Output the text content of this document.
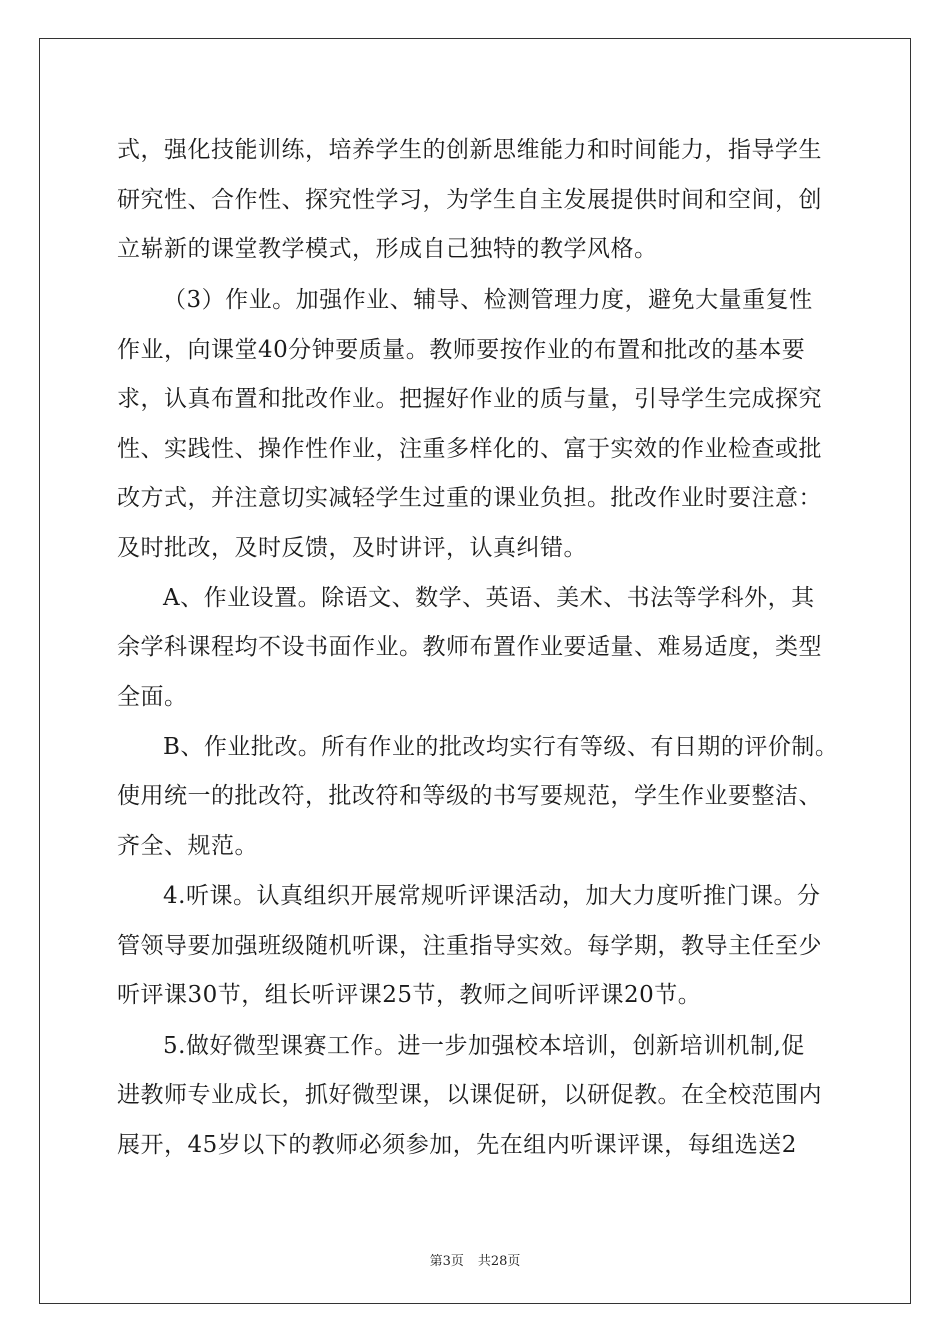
式，强化技能训练，培养学生的创新思维能力和时间能力，指导学生

研究性、合作性、探究性学习，为学生自主发展提供时间和空间，创

立崭新的课堂教学模式，形成自己独特的教学风格。

（3）作业。加强作业、辅导、检测管理力度，避免大量重复性

作业，向课堂40分钟要质量。教师要按作业的布置和批改的基本要

求，认真布置和批改作业。把握好作业的质与量，引导学生完成探究

性、实践性、操作性作业，注重多样化的、富于实效的作业检查或批

改方式，并注意切实减轻学生过重的课业负担。批改作业时要注意：

及时批改，及时反馈，及时讲评，认真纠错。

A、作业设置。除语文、数学、英语、美术、书法等学科外，其

余学科课程均不设书面作业。教师布置作业要适量、难易适度，类型

全面。

B、作业批改。所有作业的批改均实行有等级、有日期的评价制。

使用统一的批改符，批改符和等级的书写要规范，学生作业要整洁、

齐全、规范。

4.听课。认真组织开展常规听评课活动，加大力度听推门课。分

管领导要加强班级随机听课，注重指导实效。每学期，教导主任至少

听评课30节，组长听评课25节，教师之间听评课20节。

5.做好微型课赛工作。进一步加强校本培训，创新培训机制,促

进教师专业成长，抓好微型课，以课促研，以研促教。在全校范围内

展开，45岁以下的教师必须参加，先在组内听课评课，每组选送2

第3页 共28页
